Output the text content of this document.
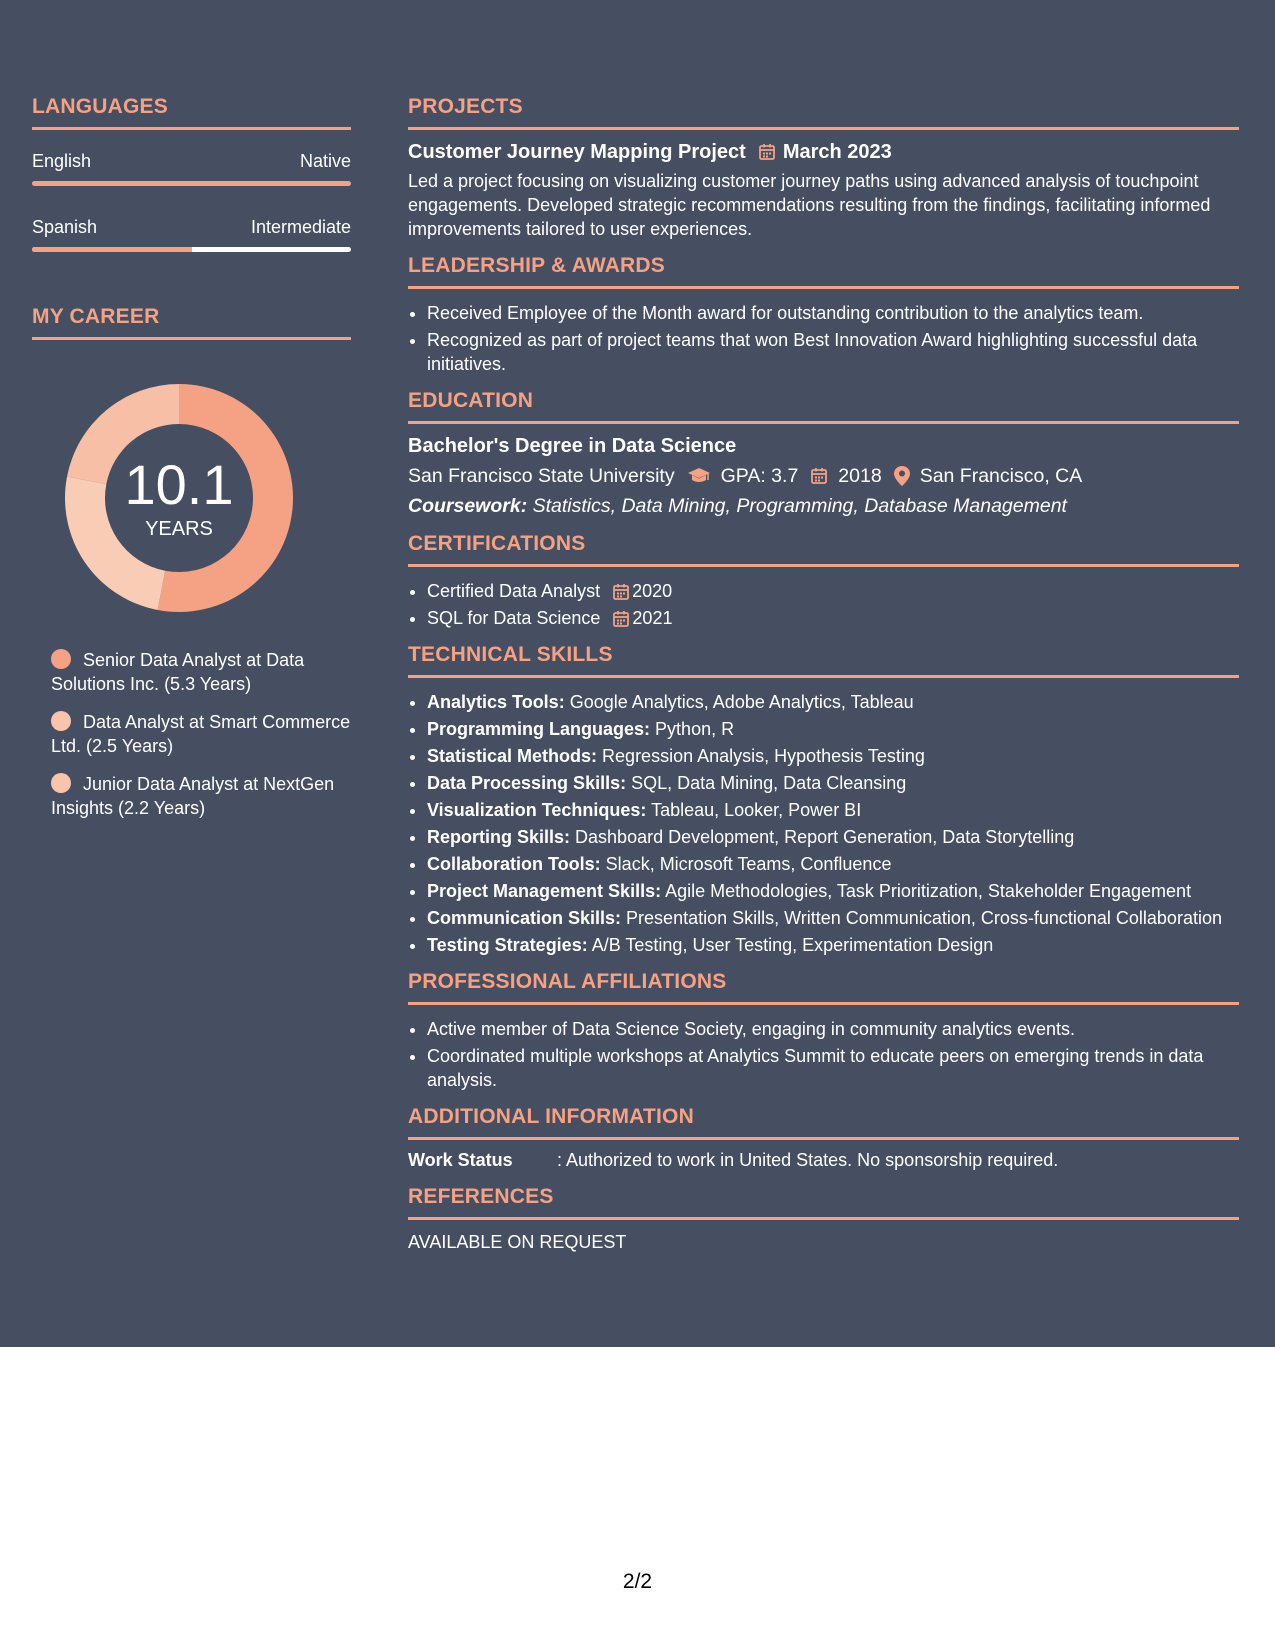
LANGUAGES
English	Native
Spanish	Intermediate
MY CAREER
10.1
YEARS
Senior Data Analyst at Data Solutions Inc. (5.3 Years)
Data Analyst at Smart Commerce Ltd. (2.5 Years)
Junior Data Analyst at NextGen Insights (2.2 Years)
PROJECTS
Customer Journey Mapping Project March 2023
Led a project focusing on visualizing customer journey paths using advanced analysis of touchpoint engagements. Developed strategic recommendations resulting from the findings, facilitating informed improvements tailored to user experiences.
LEADERSHIP & AWARDS
• Received Employee of the Month award for outstanding contribution to the analytics team.
• Recognized as part of project teams that won Best Innovation Award highlighting successful data initiatives.
EDUCATION
Bachelor's Degree in Data Science
San Francisco State University GPA: 3.7 2018 San Francisco, CA
Coursework: Statistics, Data Mining, Programming, Database Management
CERTIFICATIONS
• Certified Data Analyst 2020
• SQL for Data Science 2021
TECHNICAL SKILLS
• Analytics Tools: Google Analytics, Adobe Analytics, Tableau
• Programming Languages: Python, R
• Statistical Methods: Regression Analysis, Hypothesis Testing
• Data Processing Skills: SQL, Data Mining, Data Cleansing
• Visualization Techniques: Tableau, Looker, Power BI
• Reporting Skills: Dashboard Development, Report Generation, Data Storytelling
• Collaboration Tools: Slack, Microsoft Teams, Confluence
• Project Management Skills: Agile Methodologies, Task Prioritization, Stakeholder Engagement
• Communication Skills: Presentation Skills, Written Communication, Cross-functional Collaboration
• Testing Strategies: A/B Testing, User Testing, Experimentation Design
PROFESSIONAL AFFILIATIONS
• Active member of Data Science Society, engaging in community analytics events.
• Coordinated multiple workshops at Analytics Summit to educate peers on emerging trends in data analysis.
ADDITIONAL INFORMATION
Work Status	: Authorized to work in United States. No sponsorship required.
REFERENCES
AVAILABLE ON REQUEST
2/2
